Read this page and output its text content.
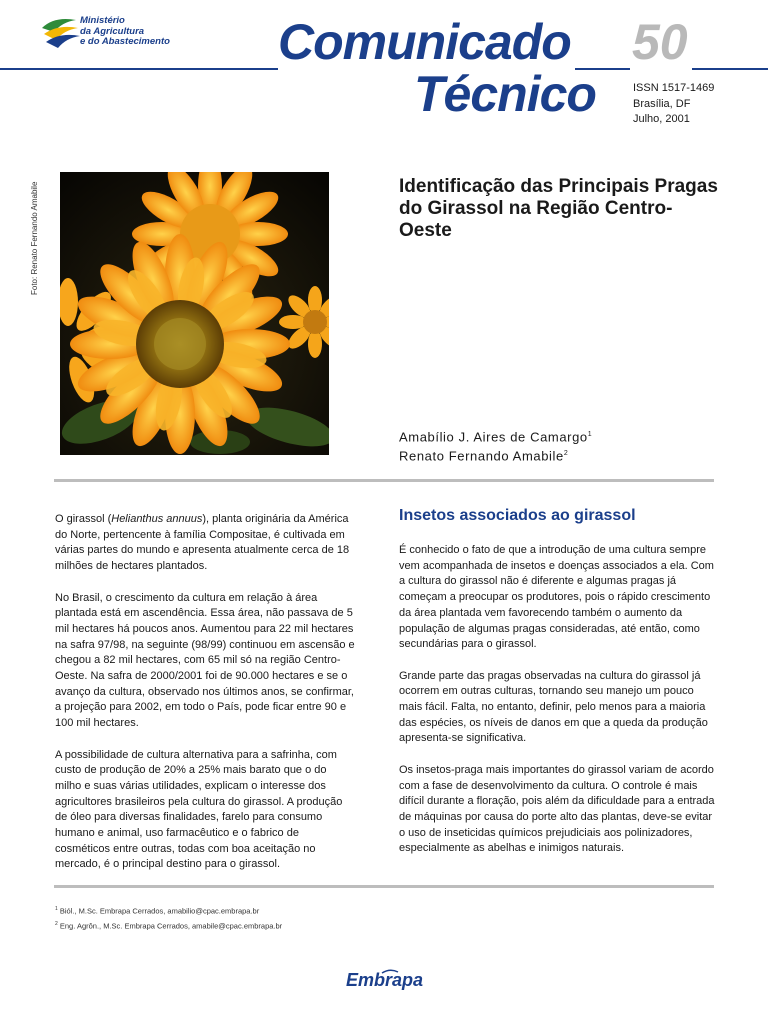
Ministério
da Agricultura
e do Abastecimento Comunicado 50
Técnico	ISSN 1517-1469
Brasília, DF
Julho, 2001
Foto: Renato Fernando Amabile	Identificação das Principais Pragas do Girassol na Região Centro-Oeste
Amabílio J. Aires de Camargo$^1$
Renato Fernando Amabile$^2$

O girassol (Helianthus annuus), planta originária da América do Norte, pertencente à família Compositae, é cultivada em várias partes do mundo e apresenta atualmente cerca de 18 milhões de hectares plantados.

No Brasil, o crescimento da cultura em relação à área plantada está em ascendência. Essa área, não passava de 5 mil hectares há poucos anos. Aumentou para 22 mil hectares na safra 97/98, na seguinte (98/99) continuou em ascensão e chegou a 82 mil hectares, com 65 mil só na região Centro-Oeste. Na safra de 2000/2001 foi de 90.000 hectares e se o avanço da cultura, observado nos últimos anos, se confirmar, a projeção para 2002, em todo o País, pode ficar entre 90 e 100 mil hectares.

A possibilidade de cultura alternativa para a safrinha, com custo de produção de 20% a 25% mais barato que o do milho e suas várias utilidades, explicam o interesse dos agricultores brasileiros pela cultura do girassol. A produção de óleo para diversas finalidades, farelo para consumo humano e animal, uso farmacêutico e o fabrico de cosméticos entre outras, todas com boa aceitação no mercado, é o principal destino para o girassol.

Insetos associados ao girassol

É conhecido o fato de que a introdução de uma cultura sempre vem acompanhada de insetos e doenças associados a ela. Com a cultura do girassol não é diferente e algumas pragas já começam a preocupar os produtores, pois o rápido crescimento da área plantada vem favorecendo também o aumento da população de algumas pragas consideradas, até então, como secundárias para o girassol.

Grande parte das pragas observadas na cultura do girassol já ocorrem em outras culturas, tornando seu manejo um pouco mais fácil. Falta, no entanto, definir, pelo menos para a maioria das espécies, os níveis de danos em que a queda da produção apresenta-se significativa.

Os insetos-praga mais importantes do girassol variam de acordo com a fase de desenvolvimento da cultura. O controle é mais difícil durante a floração, pois além da dificuldade para a entrada de máquinas por causa do porte alto das plantas, deve-se evitar o uso de inseticidas químicos prejudiciais aos polinizadores, especialmente as abelhas e inimigos naturais.

$^1$ Biól., M.Sc. Embrapa Cerrados, amabilio@cpac.embrapa.br
$^2$ Eng. Agrôn., M.Sc. Embrapa Cerrados, amabile@cpac.embrapa.br
Embrapa
